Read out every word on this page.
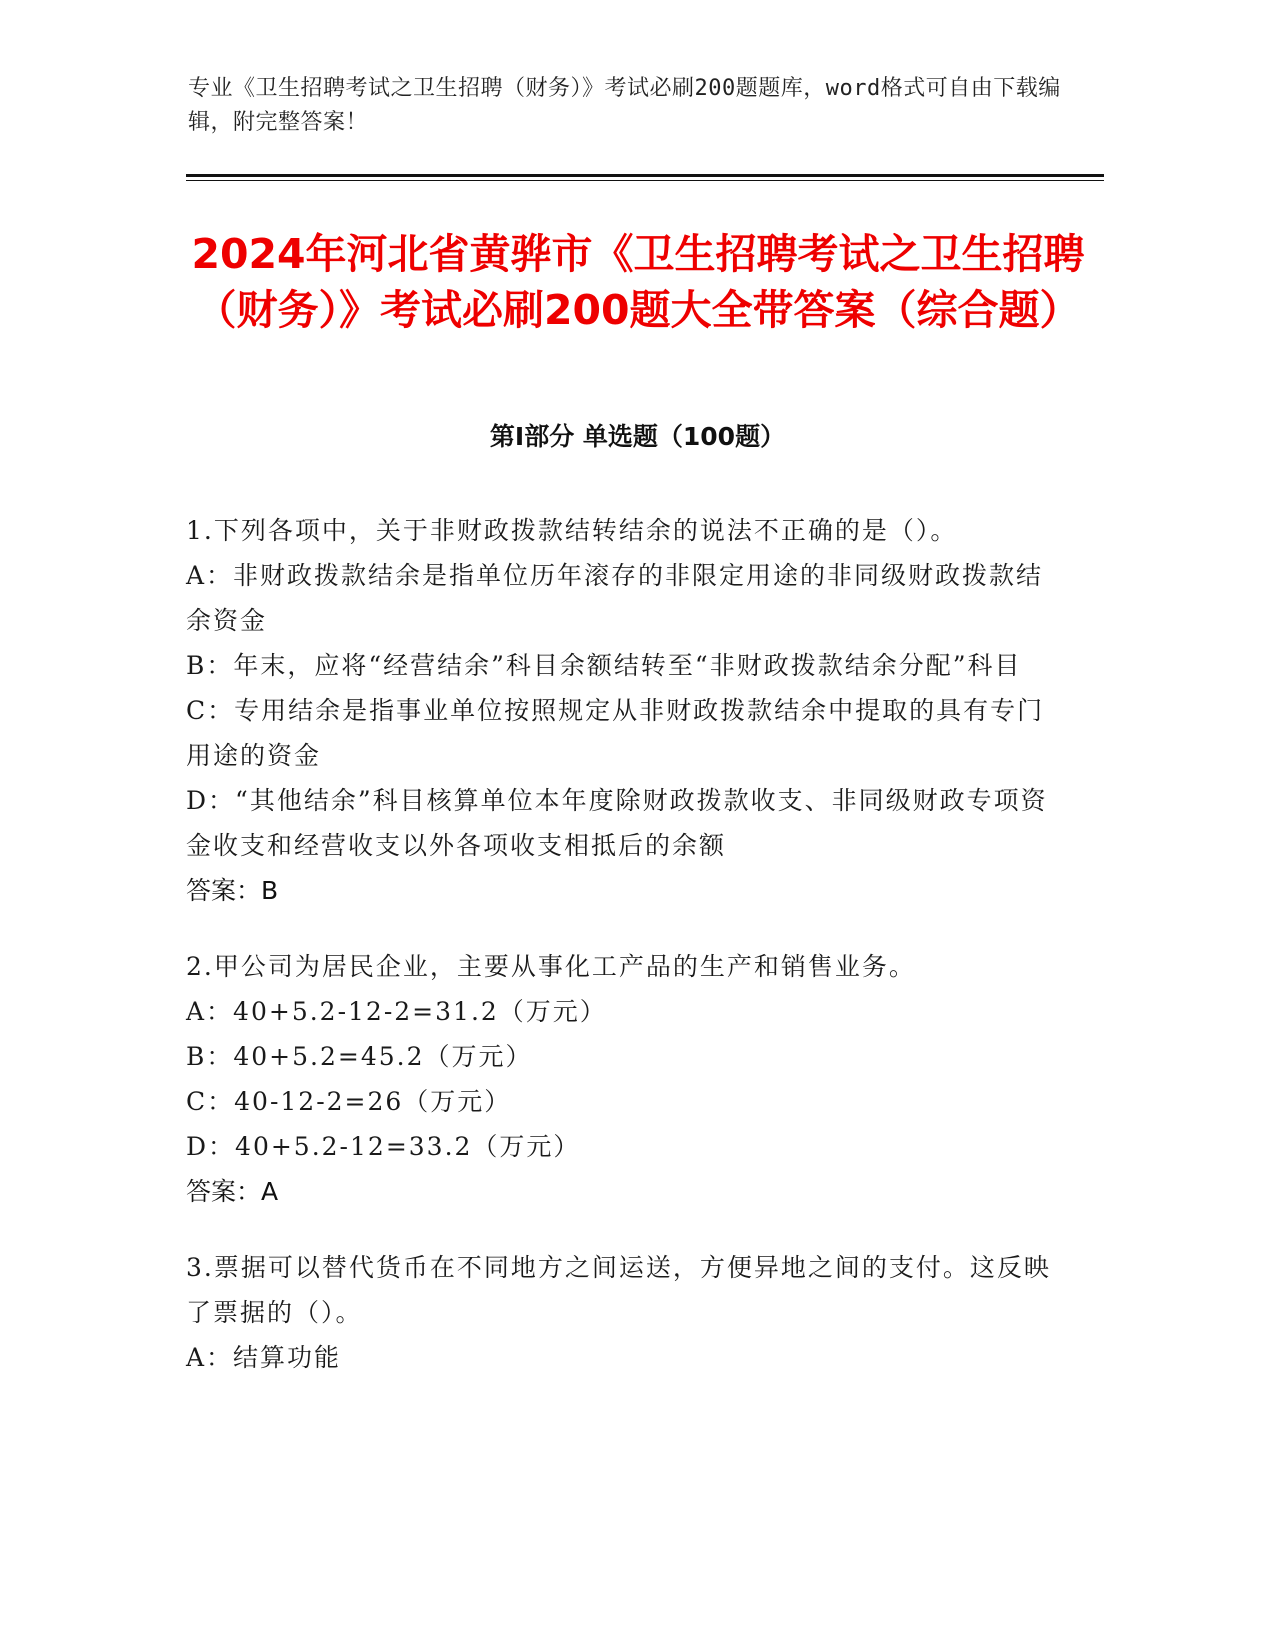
专业《卫生招聘考试之卫生招聘（财务）》考试必刷200题题库，word格式可自由下载编辑，附完整答案！
2024年河北省黄骅市《卫生招聘考试之卫生招聘（财务）》考试必刷200题大全带答案（综合题）
第I部分 单选题（100题）
1.下列各项中，关于非财政拨款结转结余的说法不正确的是（）。
A：非财政拨款结余是指单位历年滚存的非限定用途的非同级财政拨款结余资金
B：年末，应将“经营结余”科目余额结转至“非财政拨款结余分配”科目
C：专用结余是指事业单位按照规定从非财政拨款结余中提取的具有专门用途的资金
D：“其他结余”科目核算单位本年度除财政拨款收支、非同级财政专项资金收支和经营收支以外各项收支相抵后的余额
答案：B
2.甲公司为居民企业，主要从事化工产品的生产和销售业务。
A：40+5.2-12-2=31.2（万元）
B：40+5.2=45.2（万元）
C：40-12-2=26（万元）
D：40+5.2-12=33.2（万元）
答案：A
3.票据可以替代货币在不同地方之间运送，方便异地之间的支付。这反映了票据的（）。
A：结算功能
